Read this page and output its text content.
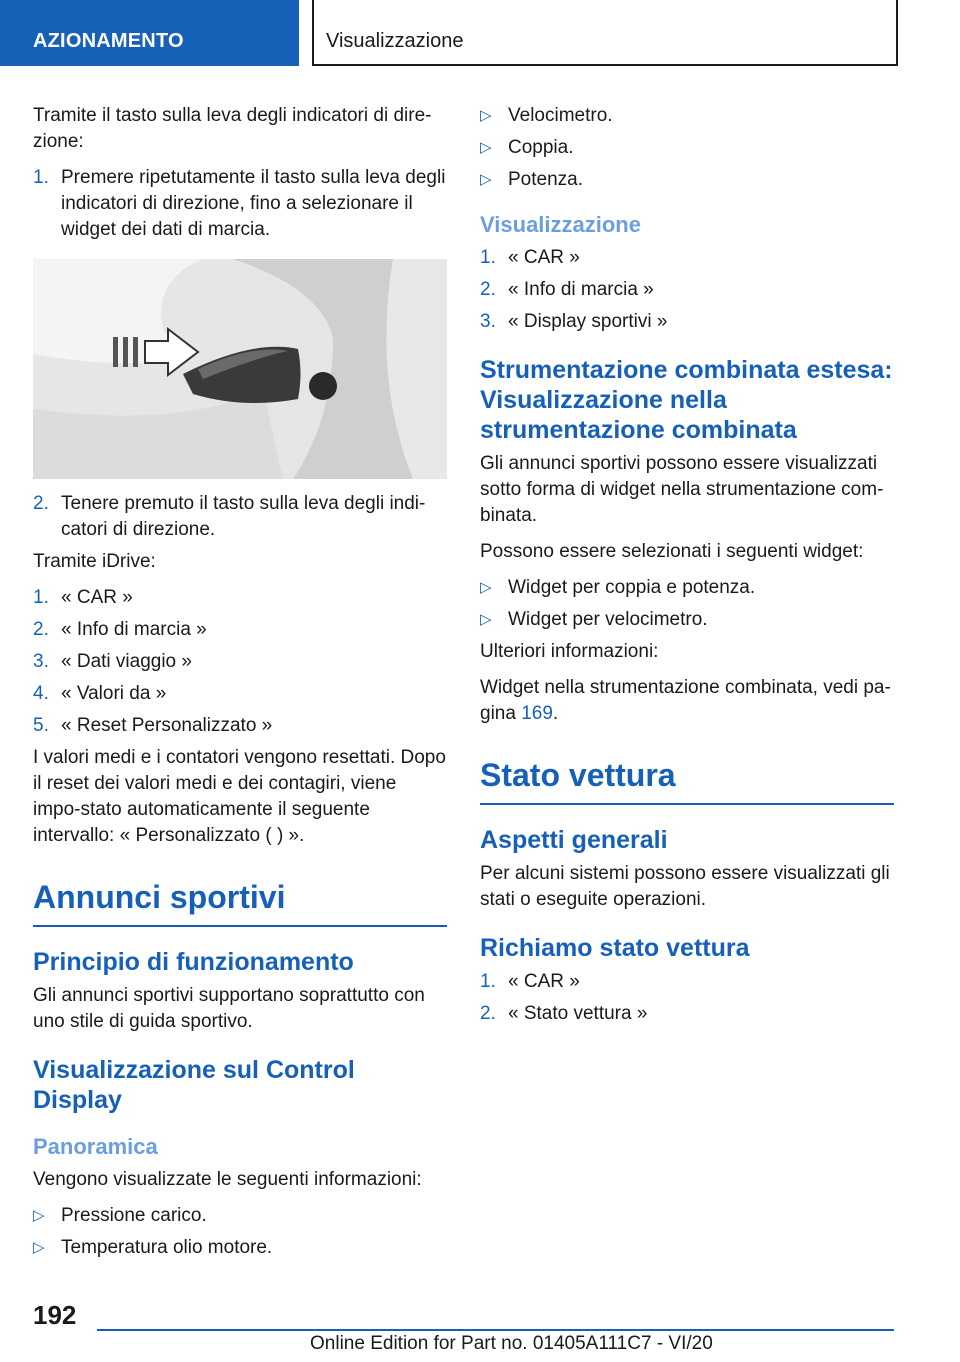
AZIONAMENTO	Visualizzazione

Tramite il tasto sulla leva degli indicatori di dire-zione:

1. Premere ripetutamente il tasto sulla leva degli indicatori di direzione, fino a selezionare il widget dei dati di marcia.
2. Tenere premuto il tasto sulla leva degli indi-catori di direzione.

Tramite iDrive:

1. « CAR »
2. « Info di marcia »
3. « Dati viaggio »
4. « Valori da »
5. « Reset Personalizzato »

I valori medi e i contatori vengono resettati. Dopo il reset dei valori medi e dei contagiri, viene impo-stato automaticamente il seguente intervallo: « Personalizzato ( ) ».

Annunci sportivi
Principio di funzionamento

Gli annunci sportivi supportano soprattutto con uno stile di guida sportivo.

Visualizzazione sul Control Display
Panoramica

Vengono visualizzate le seguenti informazioni:

▷ Pressione carico.
▷ Temperatura olio motore.
▷ Velocimetro.
▷ Coppia.
▷ Potenza.
Visualizzazione
1. « CAR »
2. « Info di marcia »
3. « Display sportivi »
Strumentazione combinata estesa: Visualizzazione nella strumentazione combinata

Gli annunci sportivi possono essere visualizzati sotto forma di widget nella strumentazione com-binata.

Possono essere selezionati i seguenti widget:

▷ Widget per coppia e potenza.
▷ Widget per velocimetro.

Ulteriori informazioni:

Widget nella strumentazione combinata, vedi pa-gina 169.

Stato vettura
Aspetti generali

Per alcuni sistemi possono essere visualizzati gli stati o eseguite operazioni.

Richiamo stato vettura
1. « CAR »
2. « Stato vettura »
192
Online Edition for Part no. 01405A111C7 - VI/20
